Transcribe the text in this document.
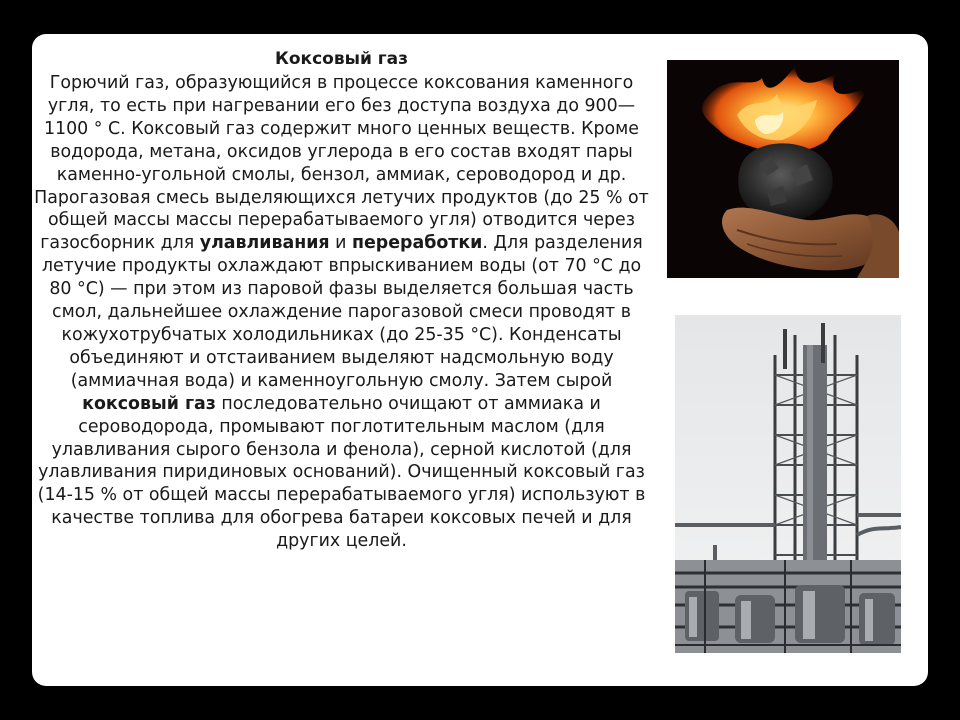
Коксовый газ

Горючий газ, образующийся в процессе коксования каменного угля, то есть при нагревании его без доступа воздуха до 900—1100 ° С. Коксовый газ содержит много ценных веществ. Кроме водорода, метана, оксидов углерода в его состав входят пары каменно-угольной смолы, бензол, аммиак, сероводород и др. Парогазовая смесь выделяющихся летучих продуктов (до 25 % от общей массы массы перерабатываемого угля) отводится через газосборник для улавливания и переработки. Для разделения летучие продукты охлаждают впрыскиванием воды (от 70 °С до 80 °С) — при этом из паровой фазы выделяется большая часть смол, дальнейшее охлаждение парогазовой смеси проводят в кожухотрубчатых холодильниках (до 25-35 °С). Конденсаты объединяют и отстаиванием выделяют надсмольную воду (аммиачная вода) и каменноугольную смолу. Затем сырой коксовый газ последовательно очищают от аммиака и сероводорода, промывают поглотительным маслом (для улавливания сырого бензола и фенола), серной кислотой (для улавливания пиридиновых оснований). Очищенный коксовый газ (14-15 % от общей массы перерабатываемого угля) используют в качестве топлива для обогрева батареи коксовых печей и для других целей.
